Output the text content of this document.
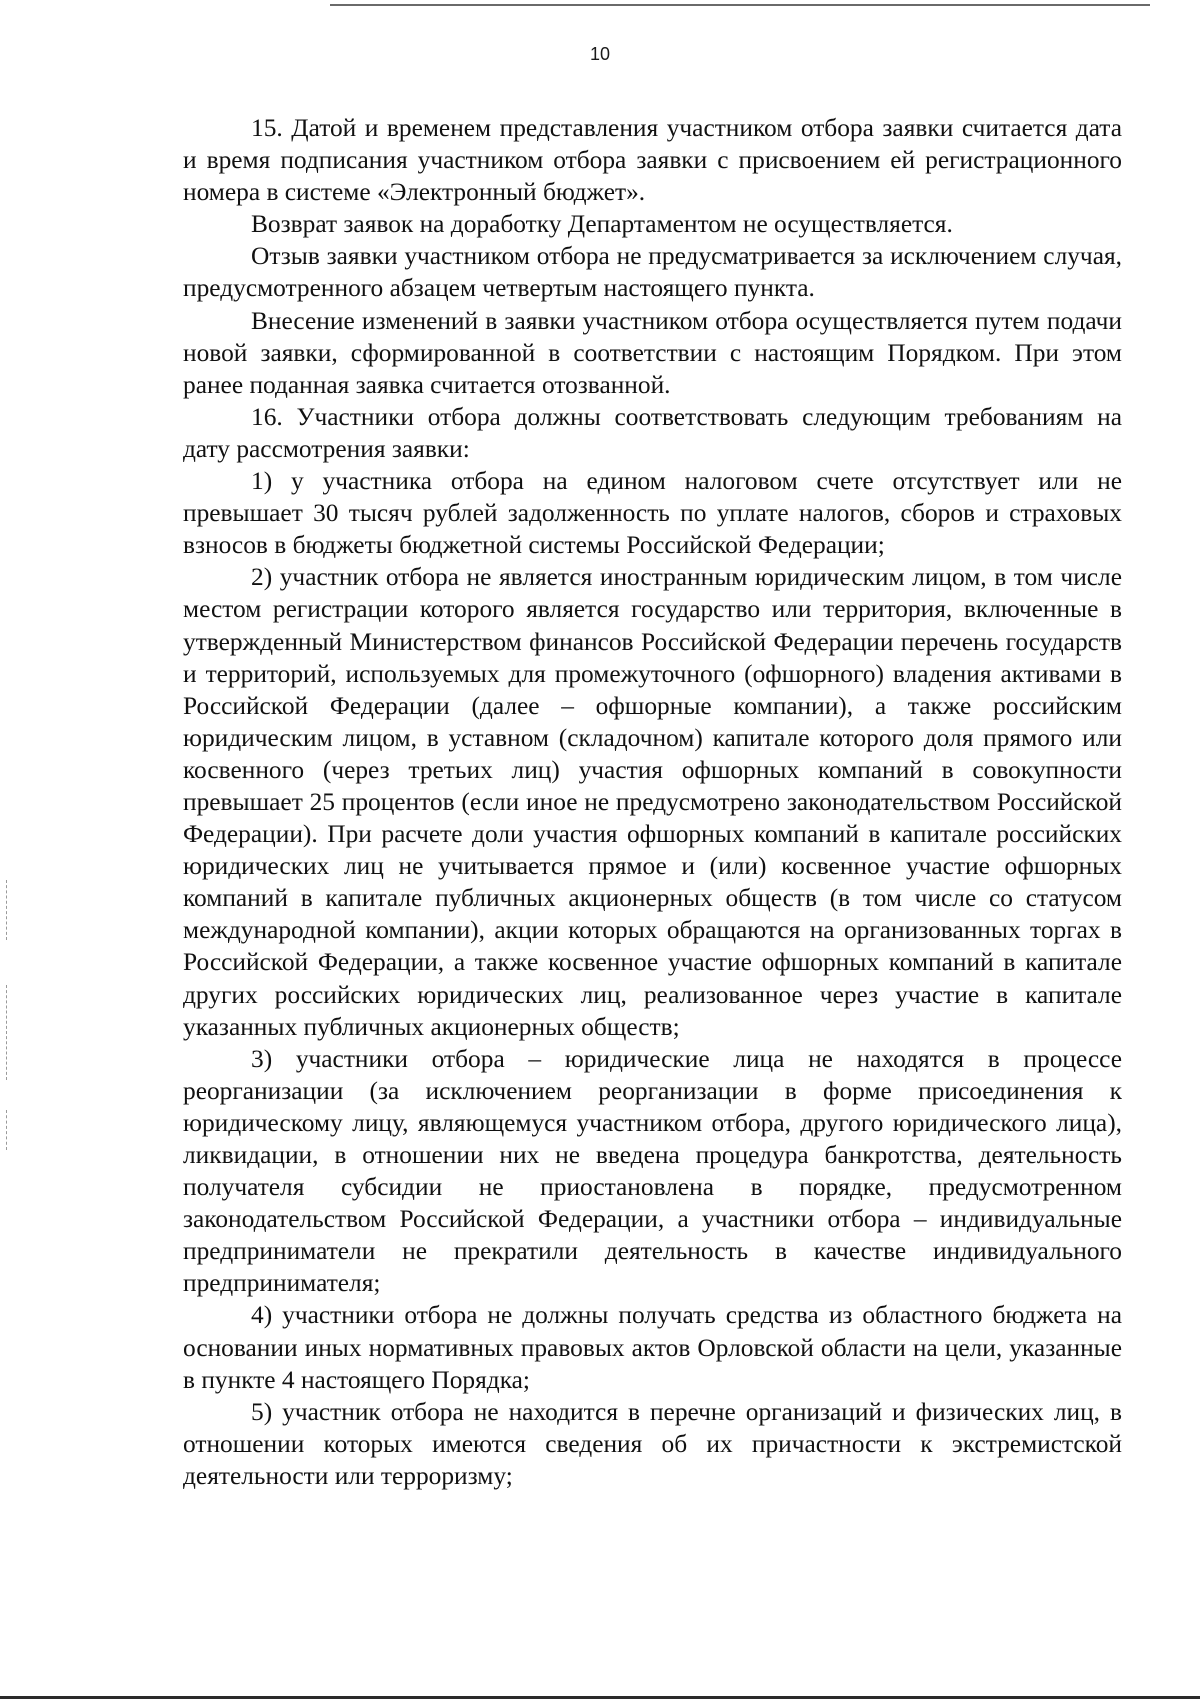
10

15. Датой и временем представления участником отбора заявки считается дата и время подписания участником отбора заявки с присвоением ей регистрационного номера в системе «Электронный бюджет».

Возврат заявок на доработку Департаментом не осуществляется.

Отзыв заявки участником отбора не предусматривается за исключением случая, предусмотренного абзацем четвертым настоящего пункта.

Внесение изменений в заявки участником отбора осуществляется путем подачи новой заявки, сформированной в соответствии с настоящим Порядком. При этом ранее поданная заявка считается отозванной.

16. Участники отбора должны соответствовать следующим требованиям на дату рассмотрения заявки:

1) у участника отбора на едином налоговом счете отсутствует или не превышает 30 тысяч рублей задолженность по уплате налогов, сборов и страховых взносов в бюджеты бюджетной системы Российской Федерации;

2) участник отбора не является иностранным юридическим лицом, в том числе местом регистрации которого является государство или территория, включенные в утвержденный Министерством финансов Российской Федерации перечень государств и территорий, используемых для промежуточного (офшорного) владения активами в Российской Федерации (далее – офшорные компании), а также российским юридическим лицом, в уставном (складочном) капитале которого доля прямого или косвенного (через третьих лиц) участия офшорных компаний в совокупности превышает 25 процентов (если иное не предусмотрено законодательством Российской Федерации). При расчете доли участия офшорных компаний в капитале российских юридических лиц не учитывается прямое и (или) косвенное участие офшорных компаний в капитале публичных акционерных обществ (в том числе со статусом международной компании), акции которых обращаются на организованных торгах в Российской Федерации, а также косвенное участие офшорных компаний в капитале других российских юридических лиц, реализованное через участие в капитале указанных публичных акционерных обществ;

3) участники отбора – юридические лица не находятся в процессе реорганизации (за исключением реорганизации в форме присоединения к юридическому лицу, являющемуся участником отбора, другого юридического лица), ликвидации, в отношении них не введена процедура банкротства, деятельность получателя субсидии не приостановлена в порядке, предусмотренном законодательством Российской Федерации, а участники отбора – индивидуальные предприниматели не прекратили деятельность в качестве индивидуального предпринимателя;

4) участники отбора не должны получать средства из областного бюджета на основании иных нормативных правовых актов Орловской области на цели, указанные в пункте 4 настоящего Порядка;

5) участник отбора не находится в перечне организаций и физических лиц, в отношении которых имеются сведения об их причастности к экстремистской деятельности или терроризму;
